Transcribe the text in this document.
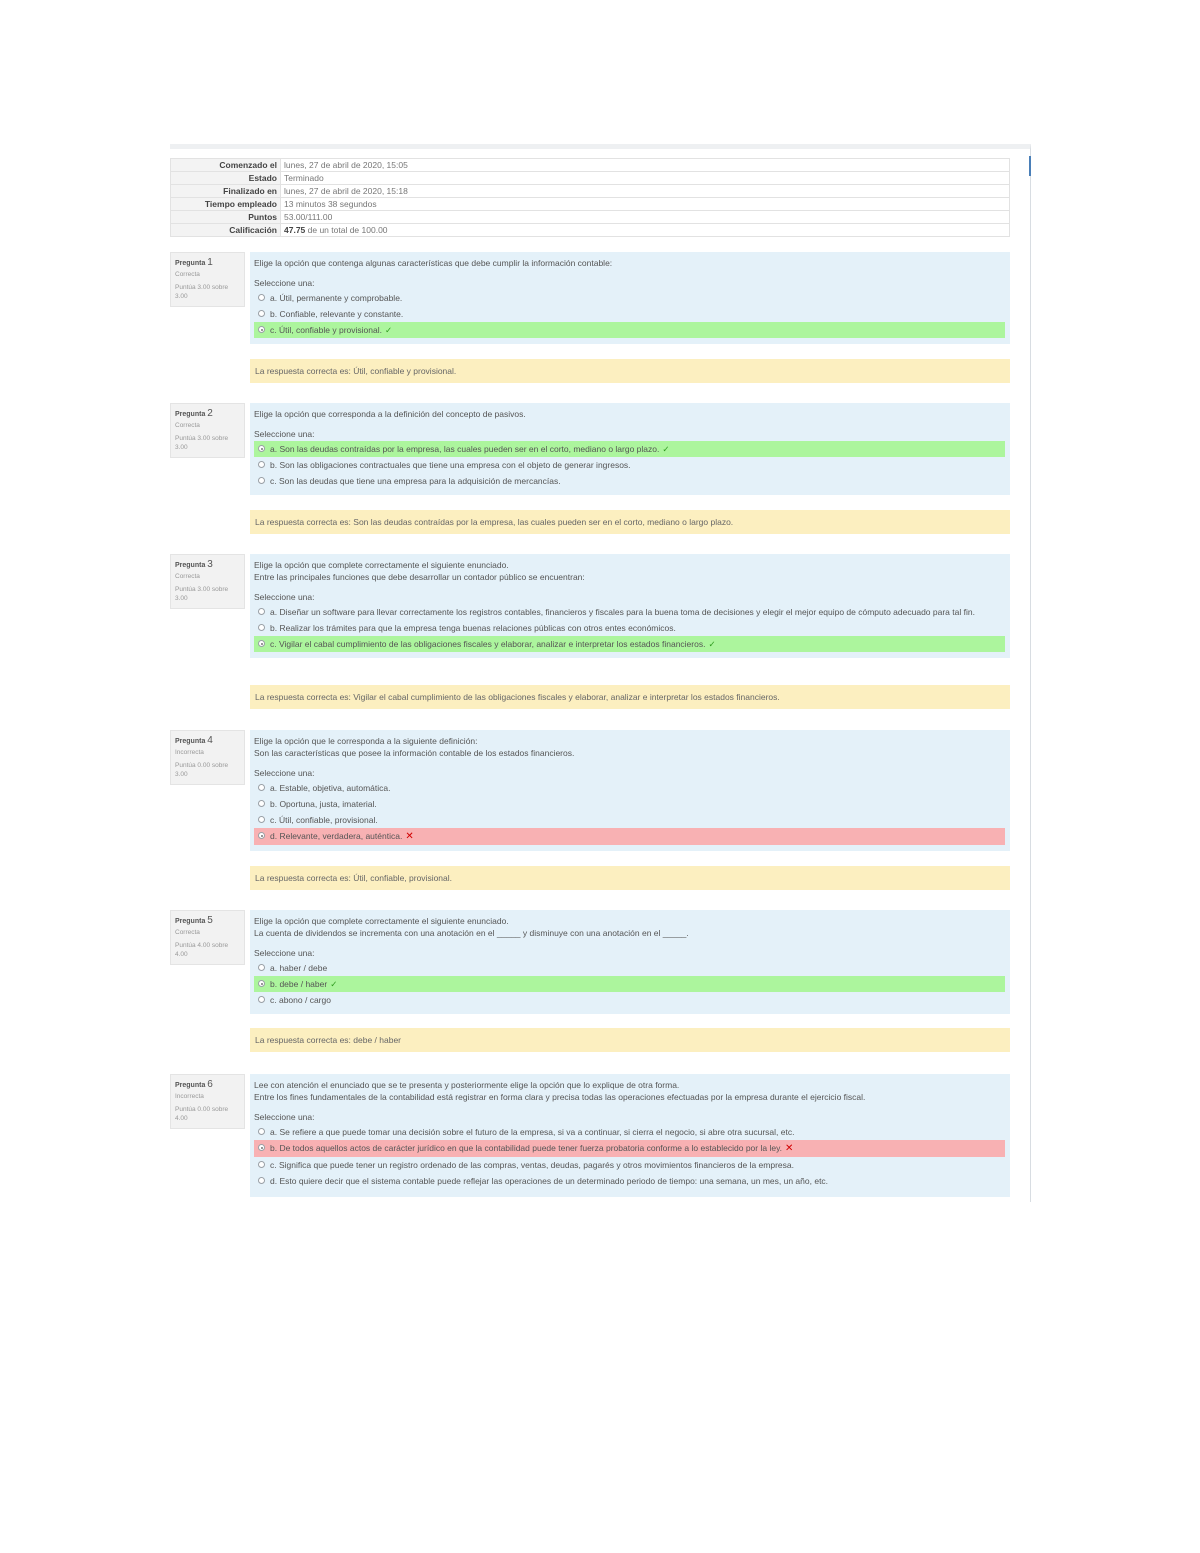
Comenzado el	lunes, 27 de abril de 2020, 15:05
Estado	Terminado
Finalizado en	lunes, 27 de abril de 2020, 15:18
Tiempo empleado	13 minutos 38 segundos
Puntos	53.00/111.00
Calificación	47.75 de un total de 100.00
Pregunta 1
Correcta
Puntúa 3.00 sobre 3.00
Elige la opción que contenga algunas características que debe cumplir la información contable:
Seleccione una:
a. Útil, permanente y comprobable.
b. Confiable, relevante y constante.
c. Útil, confiable y provisional. ✓
La respuesta correcta es: Útil, confiable y provisional.
Pregunta 2
Correcta
Puntúa 3.00 sobre 3.00
Elige la opción que corresponda a la definición del concepto de pasivos.
Seleccione una:
a. Son las deudas contraídas por la empresa, las cuales pueden ser en el corto, mediano o largo plazo. ✓
b. Son las obligaciones contractuales que tiene una empresa con el objeto de generar ingresos.
c. Son las deudas que tiene una empresa para la adquisición de mercancías.
La respuesta correcta es: Son las deudas contraídas por la empresa, las cuales pueden ser en el corto, mediano o largo plazo.
Pregunta 3
Correcta
Puntúa 3.00 sobre 3.00
Elige la opción que complete correctamente el siguiente enunciado.
Entre las principales funciones que debe desarrollar un contador público se encuentran:
Seleccione una:
a. Diseñar un software para llevar correctamente los registros contables, financieros y fiscales para la buena toma de decisiones y elegir el mejor equipo de cómputo adecuado para tal fin.
b. Realizar los trámites para que la empresa tenga buenas relaciones públicas con otros entes económicos.
c. Vigilar el cabal cumplimiento de las obligaciones fiscales y elaborar, analizar e interpretar los estados financieros. ✓
La respuesta correcta es: Vigilar el cabal cumplimiento de las obligaciones fiscales y elaborar, analizar e interpretar los estados financieros.
Pregunta 4
Incorrecta
Puntúa 0.00 sobre 3.00
Elige la opción que le corresponda a la siguiente definición:
Son las características que posee la información contable de los estados financieros.
Seleccione una:
a. Estable, objetiva, automática.
b. Oportuna, justa, imaterial.
c. Útil, confiable, provisional.
d. Relevante, verdadera, auténtica. ✕
La respuesta correcta es: Útil, confiable, provisional.
Pregunta 5
Correcta
Puntúa 4.00 sobre 4.00
Elige la opción que complete correctamente el siguiente enunciado.
La cuenta de dividendos se incrementa con una anotación en el _____ y disminuye con una anotación en el _____.
Seleccione una:
a. haber / debe
b. debe / haber ✓
c. abono / cargo
La respuesta correcta es: debe / haber
Pregunta 6
Incorrecta
Puntúa 0.00 sobre 4.00
Lee con atención el enunciado que se te presenta y posteriormente elige la opción que lo explique de otra forma.
Entre los fines fundamentales de la contabilidad está registrar en forma clara y precisa todas las operaciones efectuadas por la empresa durante el ejercicio fiscal.
Seleccione una:
a. Se refiere a que puede tomar una decisión sobre el futuro de la empresa, si va a continuar, si cierra el negocio, si abre otra sucursal, etc.
b. De todos aquellos actos de carácter jurídico en que la contabilidad puede tener fuerza probatoria conforme a lo establecido por la ley. ✕
c. Significa que puede tener un registro ordenado de las compras, ventas, deudas, pagarés y otros movimientos financieros de la empresa.
d. Esto quiere decir que el sistema contable puede reflejar las operaciones de un determinado periodo de tiempo: una semana, un mes, un año, etc.
